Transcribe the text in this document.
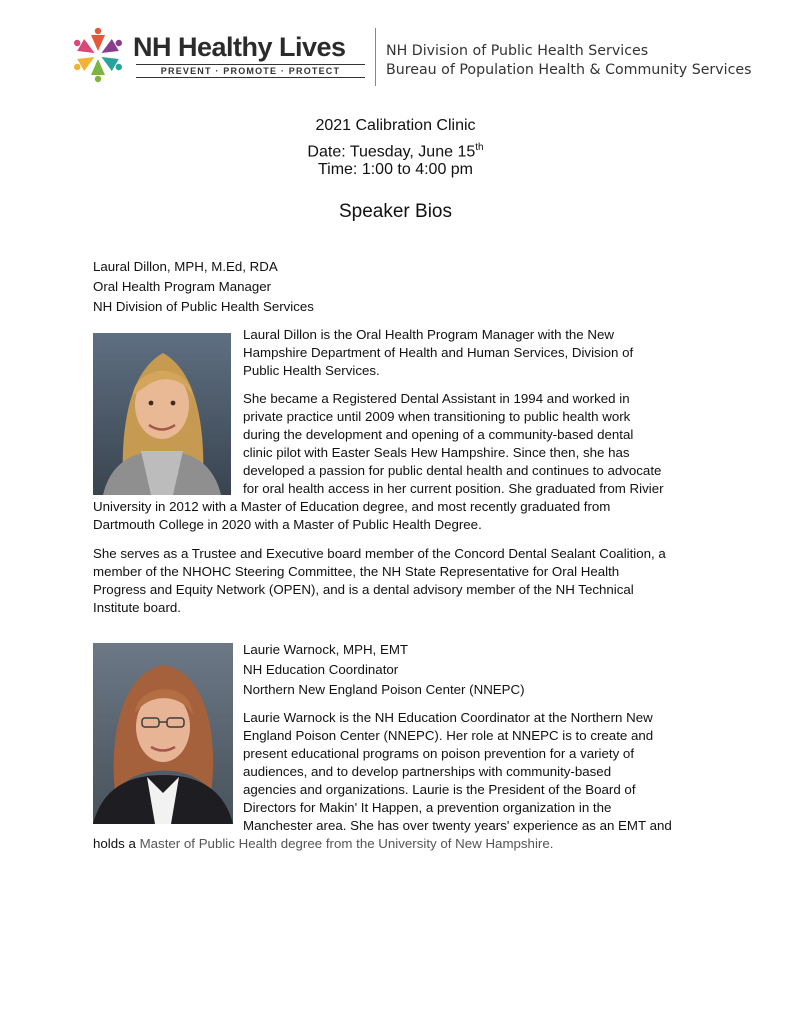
NH Healthy Lives
PREVENT · PROMOTE · PROTECT
NH Division of Public Health Services
Bureau of Population Health & Community Services
2021 Calibration Clinic
Date: Tuesday, June 15th
Time: 1:00 to 4:00 pm
Speaker Bios
Laural Dillon, MPH, M.Ed, RDA
Oral Health Program Manager
NH Division of Public Health Services
Laural Dillon is the Oral Health Program Manager with the New
Hampshire Department of Health and Human Services, Division of
Public Health Services.
She became a Registered Dental Assistant in 1994 and worked in
private practice until 2009 when transitioning to public health work
during the development and opening of a community-based dental
clinic pilot with Easter Seals Hew Hampshire. Since then, she has
developed a passion for public dental health and continues to advocate
for oral health access in her current position. She graduated from Rivier
University in 2012 with a Master of Education degree, and most recently graduated from
Dartmouth College in 2020 with a Master of Public Health Degree.
She serves as a Trustee and Executive board member of the Concord Dental Sealant Coalition, a
member of the NHOHC Steering Committee, the NH State Representative for Oral Health
Progress and Equity Network (OPEN), and is a dental advisory member of the NH Technical
Institute board.
Laurie Warnock, MPH, EMT
NH Education Coordinator
Northern New England Poison Center (NNEPC)
Laurie Warnock is the NH Education Coordinator at the Northern New
England Poison Center (NNEPC). Her role at NNEPC is to create and
present educational programs on poison prevention for a variety of
audiences, and to develop partnerships with community-based
agencies and organizations. Laurie is the President of the Board of
Directors for Makin' It Happen, a prevention organization in the
Manchester area. She has over twenty years' experience as an EMT and
holds a Master of Public Health degree from the University of New Hampshire.
